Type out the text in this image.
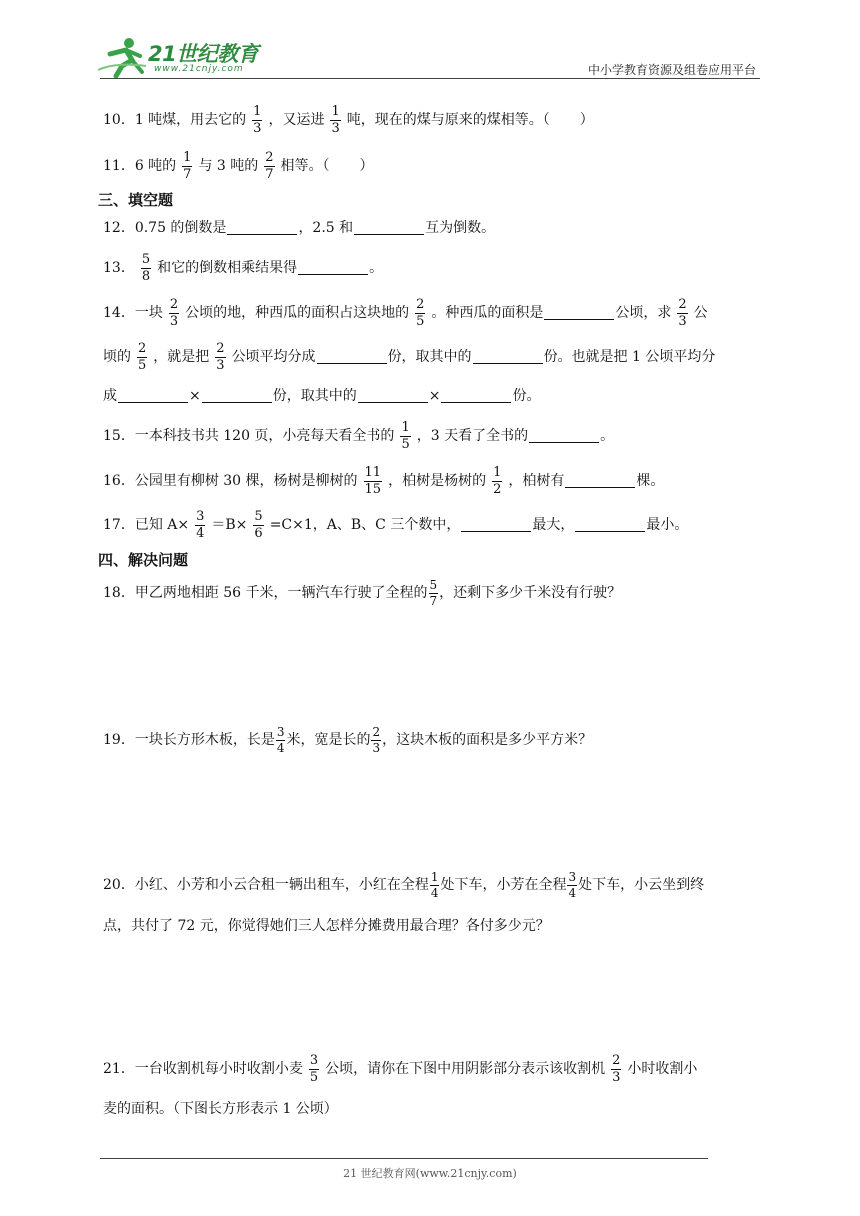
21世纪教育
www.21cnjy.com	中小学教育资源及组卷应用平台
10．1 吨煤，用去它的 $\frac{1}{3}$ ，又运进 $\frac{1}{3}$ 吨，现在的煤与原来的煤相等。（ ）
11．6 吨的 $\frac{1}{7}$ 与 3 吨的 $\frac{2}{7}$ 相等。（ ）
三、填空题
12．0.75 的倒数是	，2.5 和	互为倒数。
13． $\frac{5}{8}$ 和它的倒数相乘结果得	。
14．一块 $\frac{2}{3}$ 公顷的地，种西瓜的面积占这块地的 $\frac{2}{5}$ 。种西瓜的面积是	公顷，求 $\frac{2}{3}$ 公
顷的 $\frac{2}{5}$ ，就是把 $\frac{2}{3}$ 公顷平均分成	份，取其中的	份。也就是把 1 公顷平均分
成	×	份，取其中的	×	份。
15．一本科技书共 120 页，小亮每天看全书的 $\frac{1}{5}$ ，3 天看了全书的	。
16．公园里有柳树 30 棵，杨树是柳树的 $\frac{11}{15}$ ，柏树是杨树的 $\frac{1}{2}$ ，柏树有	棵。
17．已知 $A\times \frac{3}{4} =B\times \frac{5}{6} =C\times 1$，A、B、C 三个数中，	最大，	最小。
四、解决问题
18．甲乙两地相距 56 千米，一辆汽车行驶了全程的 $\frac{5}{7}$ ，还剩下多少千米没有行驶？
19．一块长方形木板，长是 $\frac{3}{4}$ 米，宽是长的 $\frac{2}{3}$ ，这块木板的面积是多少平方米？
20．小红、小芳和小云合租一辆出租车，小红在全程 $\frac{1}{4}$ 处下车，小芳在全程 $\frac{3}{4}$ 处下车，小云坐到终
点，共付了 72 元，你觉得她们三人怎样分摊费用最合理？各付多少元？
21．一台收割机每小时收割小麦 $\frac{3}{5}$ 公顷，请你在下图中用阴影部分表示该收割机 $\frac{2}{3}$ 小时收割小
麦的面积。（下图长方形表示 1 公顷）
21 世纪教育网(www.21cnjy.com)
